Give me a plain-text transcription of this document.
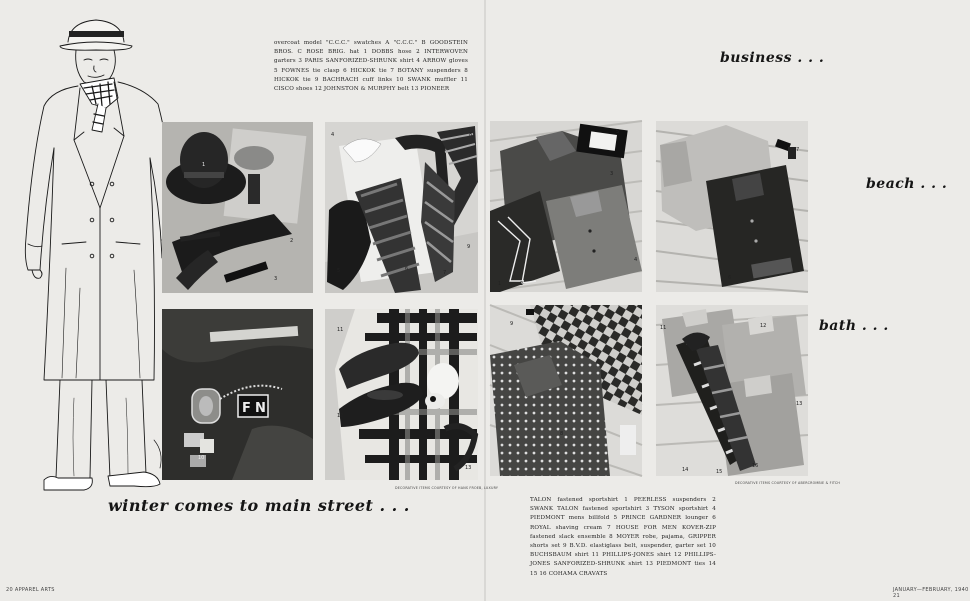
overcoat model "C.C.C." swatches A "C.C.C." B GOODSTEIN BROS. C ROSE BRIG. hat 1 DOBBS hose 2 INTERWOVEN garters 3 PARIS SANFORIZED-SHRUNK shirt 4 ARROW gloves 5 FOWNES tie clasp 6 HICKOK tie 7 BOTANY suspenders 8 HICKOK tie 9 BACHRACH cuff links 10 SWANK muffler 11 CISCO shoes 12 JOHNSTON & MURPHY belt 13 PIONEER
business . . .
beach . . .
bath . . .
winter comes to main street . . .
1
2
3
4	8
5	6
7
9
F N
10
11
12
13
DECORATIVE ITEMS COURTESY OF HANS FROEB, LUXURY
3
1	2
4
5
6
7
9
8
11	12
13
14	15
16
DECORATIVE ITEMS COURTESY OF ABERCROMBIE & FITCH
TALON fastened sportshirt 1 PEERLESS suspenders 2 SWANK TALON fastened sportshirt 3 TYSON sportshirt 4 PIEDMONT mens billfold 5 PRINCE GARDNER lounger 6 ROYAL shaving cream 7 HOUSE FOR MEN KOVER-ZIP fastened slack ensemble 8 MOYER robe, pajama, GRIPPER shorts set 9 B.V.D. elastiglass belt, suspender, garter set 10 BUCHSBAUM shirt 11 PHILLIPS-JONES shirt 12 PHILLIPS-JONES SANFORIZED-SHRUNK shirt 13 PIEDMONT ties 14 15 16 COHAMA CRAVATS
20 APPAREL ARTS	JANUARY—FEBRUARY, 1940 21
